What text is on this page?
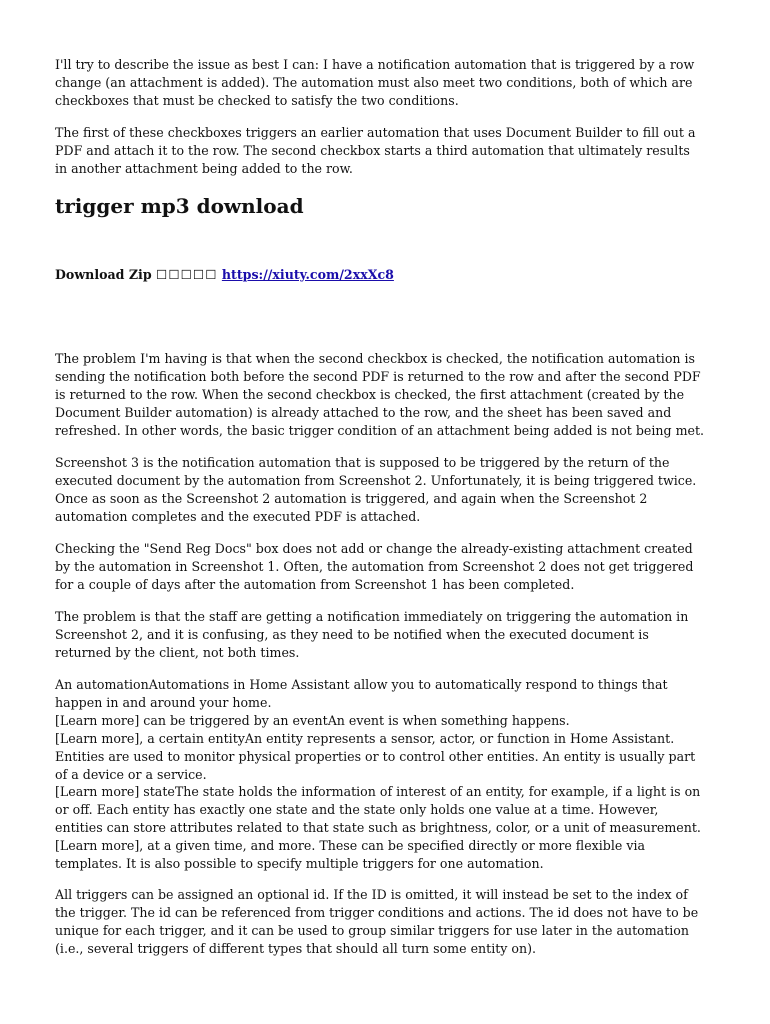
I'll try to describe the issue as best I can: I have a notification automation that is triggered by a row
change (an attachment is added). The automation must also meet two conditions, both of which are
checkboxes that must be checked to satisfy the two conditions.

The first of these checkboxes triggers an earlier automation that uses Document Builder to fill out a
PDF and attach it to the row. The second checkbox starts a third automation that ultimately results
in another attachment being added to the row.

trigger mp3 download

Download Zip ☐☐☐☐☐ https://xiuty.com/2xxXc8

The problem I'm having is that when the second checkbox is checked, the notification automation is
sending the notification both before the second PDF is returned to the row and after the second PDF
is returned to the row. When the second checkbox is checked, the first attachment (created by the
Document Builder automation) is already attached to the row, and the sheet has been saved and
refreshed. In other words, the basic trigger condition of an attachment being added is not being met.

Screenshot 3 is the notification automation that is supposed to be triggered by the return of the
executed document by the automation from Screenshot 2. Unfortunately, it is being triggered twice.
Once as soon as the Screenshot 2 automation is triggered, and again when the Screenshot 2
automation completes and the executed PDF is attached.

Checking the "Send Reg Docs" box does not add or change the already-existing attachment created
by the automation in Screenshot 1. Often, the automation from Screenshot 2 does not get triggered
for a couple of days after the automation from Screenshot 1 has been completed.

The problem is that the staff are getting a notification immediately on triggering the automation in
Screenshot 2, and it is confusing, as they need to be notified when the executed document is
returned by the client, not both times.

An automationAutomations in Home Assistant allow you to automatically respond to things that
happen in and around your home.
[Learn more] can be triggered by an eventAn event is when something happens.
[Learn more], a certain entityAn entity represents a sensor, actor, or function in Home Assistant.
Entities are used to monitor physical properties or to control other entities. An entity is usually part
of a device or a service.
[Learn more] stateThe state holds the information of interest of an entity, for example, if a light is on
or off. Each entity has exactly one state and the state only holds one value at a time. However,
entities can store attributes related to that state such as brightness, color, or a unit of measurement.
[Learn more], at a given time, and more. These can be specified directly or more flexible via
templates. It is also possible to specify multiple triggers for one automation.

All triggers can be assigned an optional id. If the ID is omitted, it will instead be set to the index of
the trigger. The id can be referenced from trigger conditions and actions. The id does not have to be
unique for each trigger, and it can be used to group similar triggers for use later in the automation
(i.e., several triggers of different types that should all turn some entity on).
